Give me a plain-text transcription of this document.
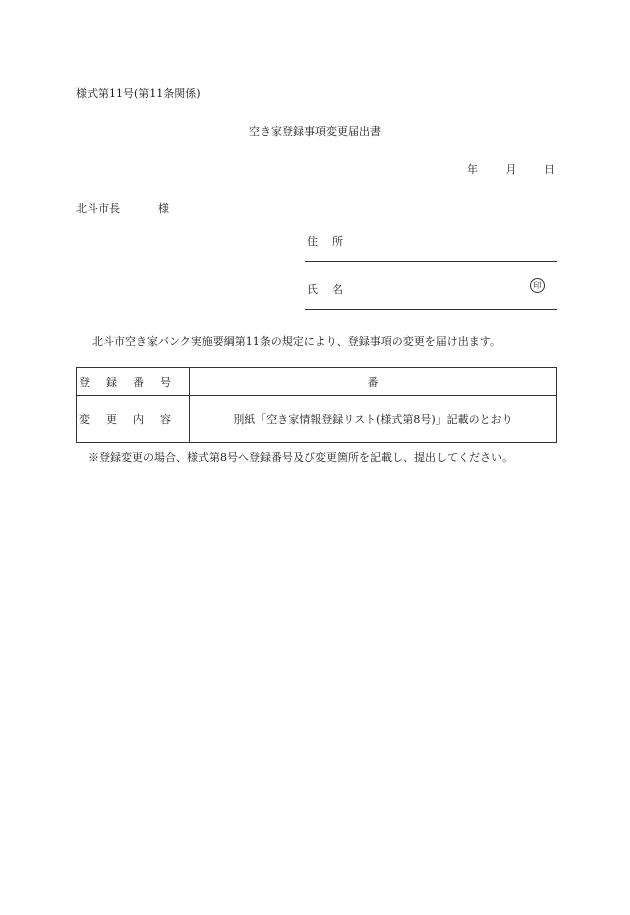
様式第11号(第11条関係)
空き家登録事項変更届出書
年	月	日
北斗市長	様
住所
氏名	印
北斗市空き家バンク実施要綱第11条の規定により、登録事項の変更を届け出ます。
登録番号	番
変更内容	別紙「空き家情報登録リスト(様式第8号)」記載のとおり
※登録変更の場合、様式第8号へ登録番号及び変更箇所を記載し、提出してください。
